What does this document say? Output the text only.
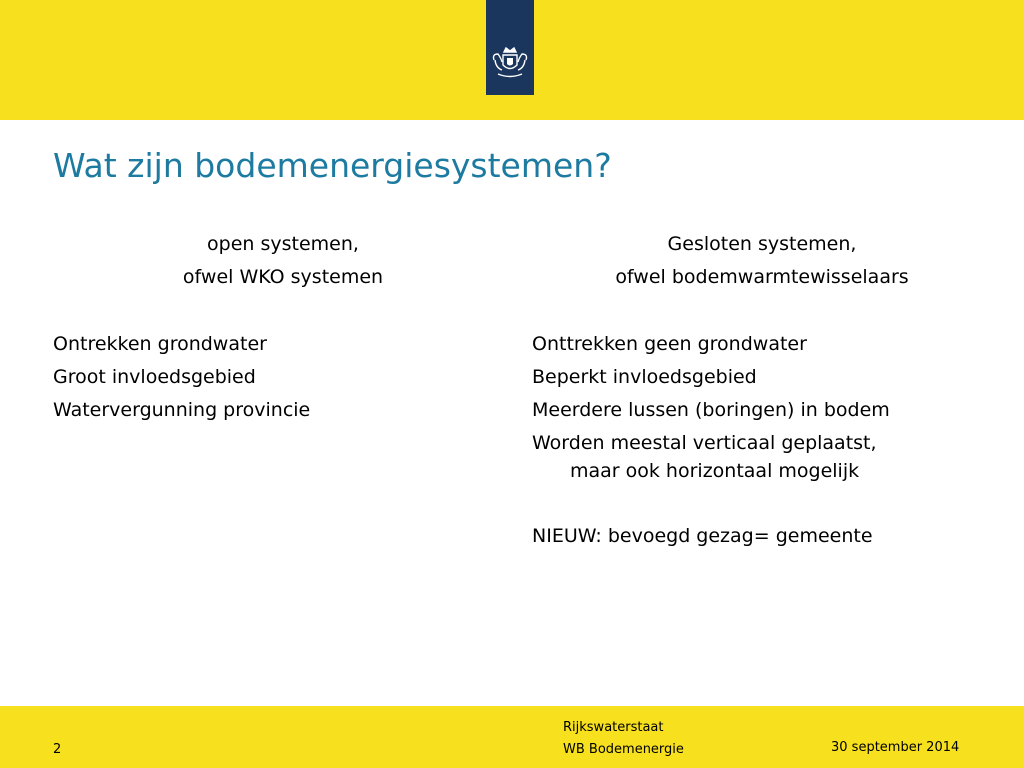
Wat zijn bodemenergiesystemen?
open systemen,
ofwel WKO systemen
Ontrekken grondwater
Groot invloedsgebied
Watervergunning provincie
Gesloten systemen,
ofwel bodemwarmtewisselaars
Onttrekken geen grondwater
Beperkt invloedsgebied
Meerdere lussen (boringen) in bodem
Worden meestal verticaal geplaatst,
maar ook horizontaal mogelijk
NIEUW: bevoegd gezag= gemeente
2
Rijkswaterstaat
WB Bodemenergie	30 september 2014
